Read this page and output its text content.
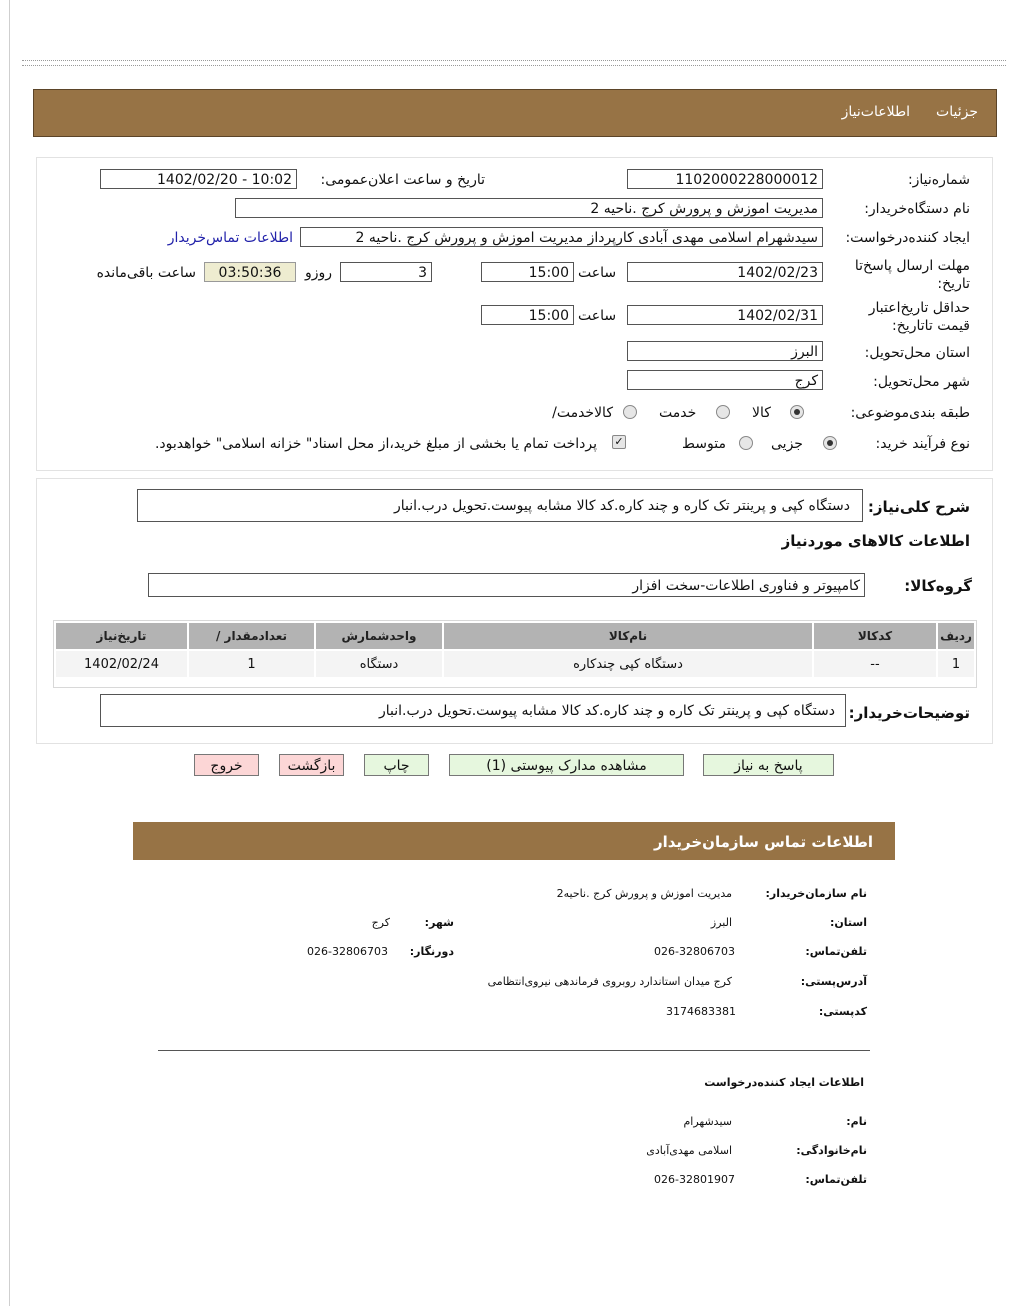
جزئيات
اطلاعات‌نياز
شماره‌نیاز:
1102000228000012
تاریخ و ساعت اعلان‌عمومی:
1402/02/20 - 10:02
نام دستگاه‌خریدار:
مدیریت اموزش و پرورش کرج .ناحیه 2
ایجاد کننده‌درخواست:
سیدشهرام اسلامی مهدی آبادی کارپرداز مدیریت اموزش و پرورش کرج .ناحیه 2
اطلاعات تماس‌خریدار
مهلت ارسال پاسخ‌تا
تاریخ:
1402/02/23
ساعت
15:00
3
روزو
03:50:36
ساعت باقی‌مانده
حداقل تاریخ‌اعتبار
قیمت تا‌تاریخ:
1402/02/31
ساعت
15:00
استان محل‌تحویل:
البرز
شهر محل‌تحویل:
کرج
طبقه بندی‌موضوعی:
کالا
خدمت
کالا‌خدمت/
نوع فرآیند‌ خرید:
جزیی
متوسط
✓
پرداخت تمام یا بخشی از مبلغ خرید،از محل اسناد" خزانه اسلامی" خواهد‌بود.
شرح کلی‌نیاز:
دستگاه کپی و پرینتر تک کاره و چند کاره.کد کالا مشابه پیوست.تحویل درب.انبار
اطلاعات کالاهای مورد‌نیاز
گروه‌کالا:
کامپیوتر و فناوری اطلاعات-سخت افزار
ردیف	کدکالا	نام‌کالا	واحدشمارش	تعدادمقدار /	تاریخ‌نیاز
1	--	دستگاه کپی چندکاره	دستگاه	1	1402/02/24
توضیحات‌خریدار:
دستگاه کپی و پرینتر تک کاره و چند کاره.کد کالا مشابه پیوست.تحویل درب.انبار
پاسخ به نیاز
مشاهده مدارک پیوستی (1)
چاپ
بازگشت
خروج
اطلاعات تماس سازمان‌خریدار
نام سازمان‌خریدار:
مدیریت اموزش و پرورش کرج .ناحیه2
استان:
البرز
شهر:
کرج
تلفن‌تماس:
026-32806703
دورنگار:
026-32806703
آدرس‌پستی:
کرج میدان استاندارد روبروی فرماندهی نیروی‌انتظامی
کد‌پستی:
3174683381
اطلاعات ایجاد کننده‌درخواست
نام:
سیدشهرام
نام‌خانوادگی:
اسلامی مهدی‌آبادی
تلفن‌تماس:
026-32801907
